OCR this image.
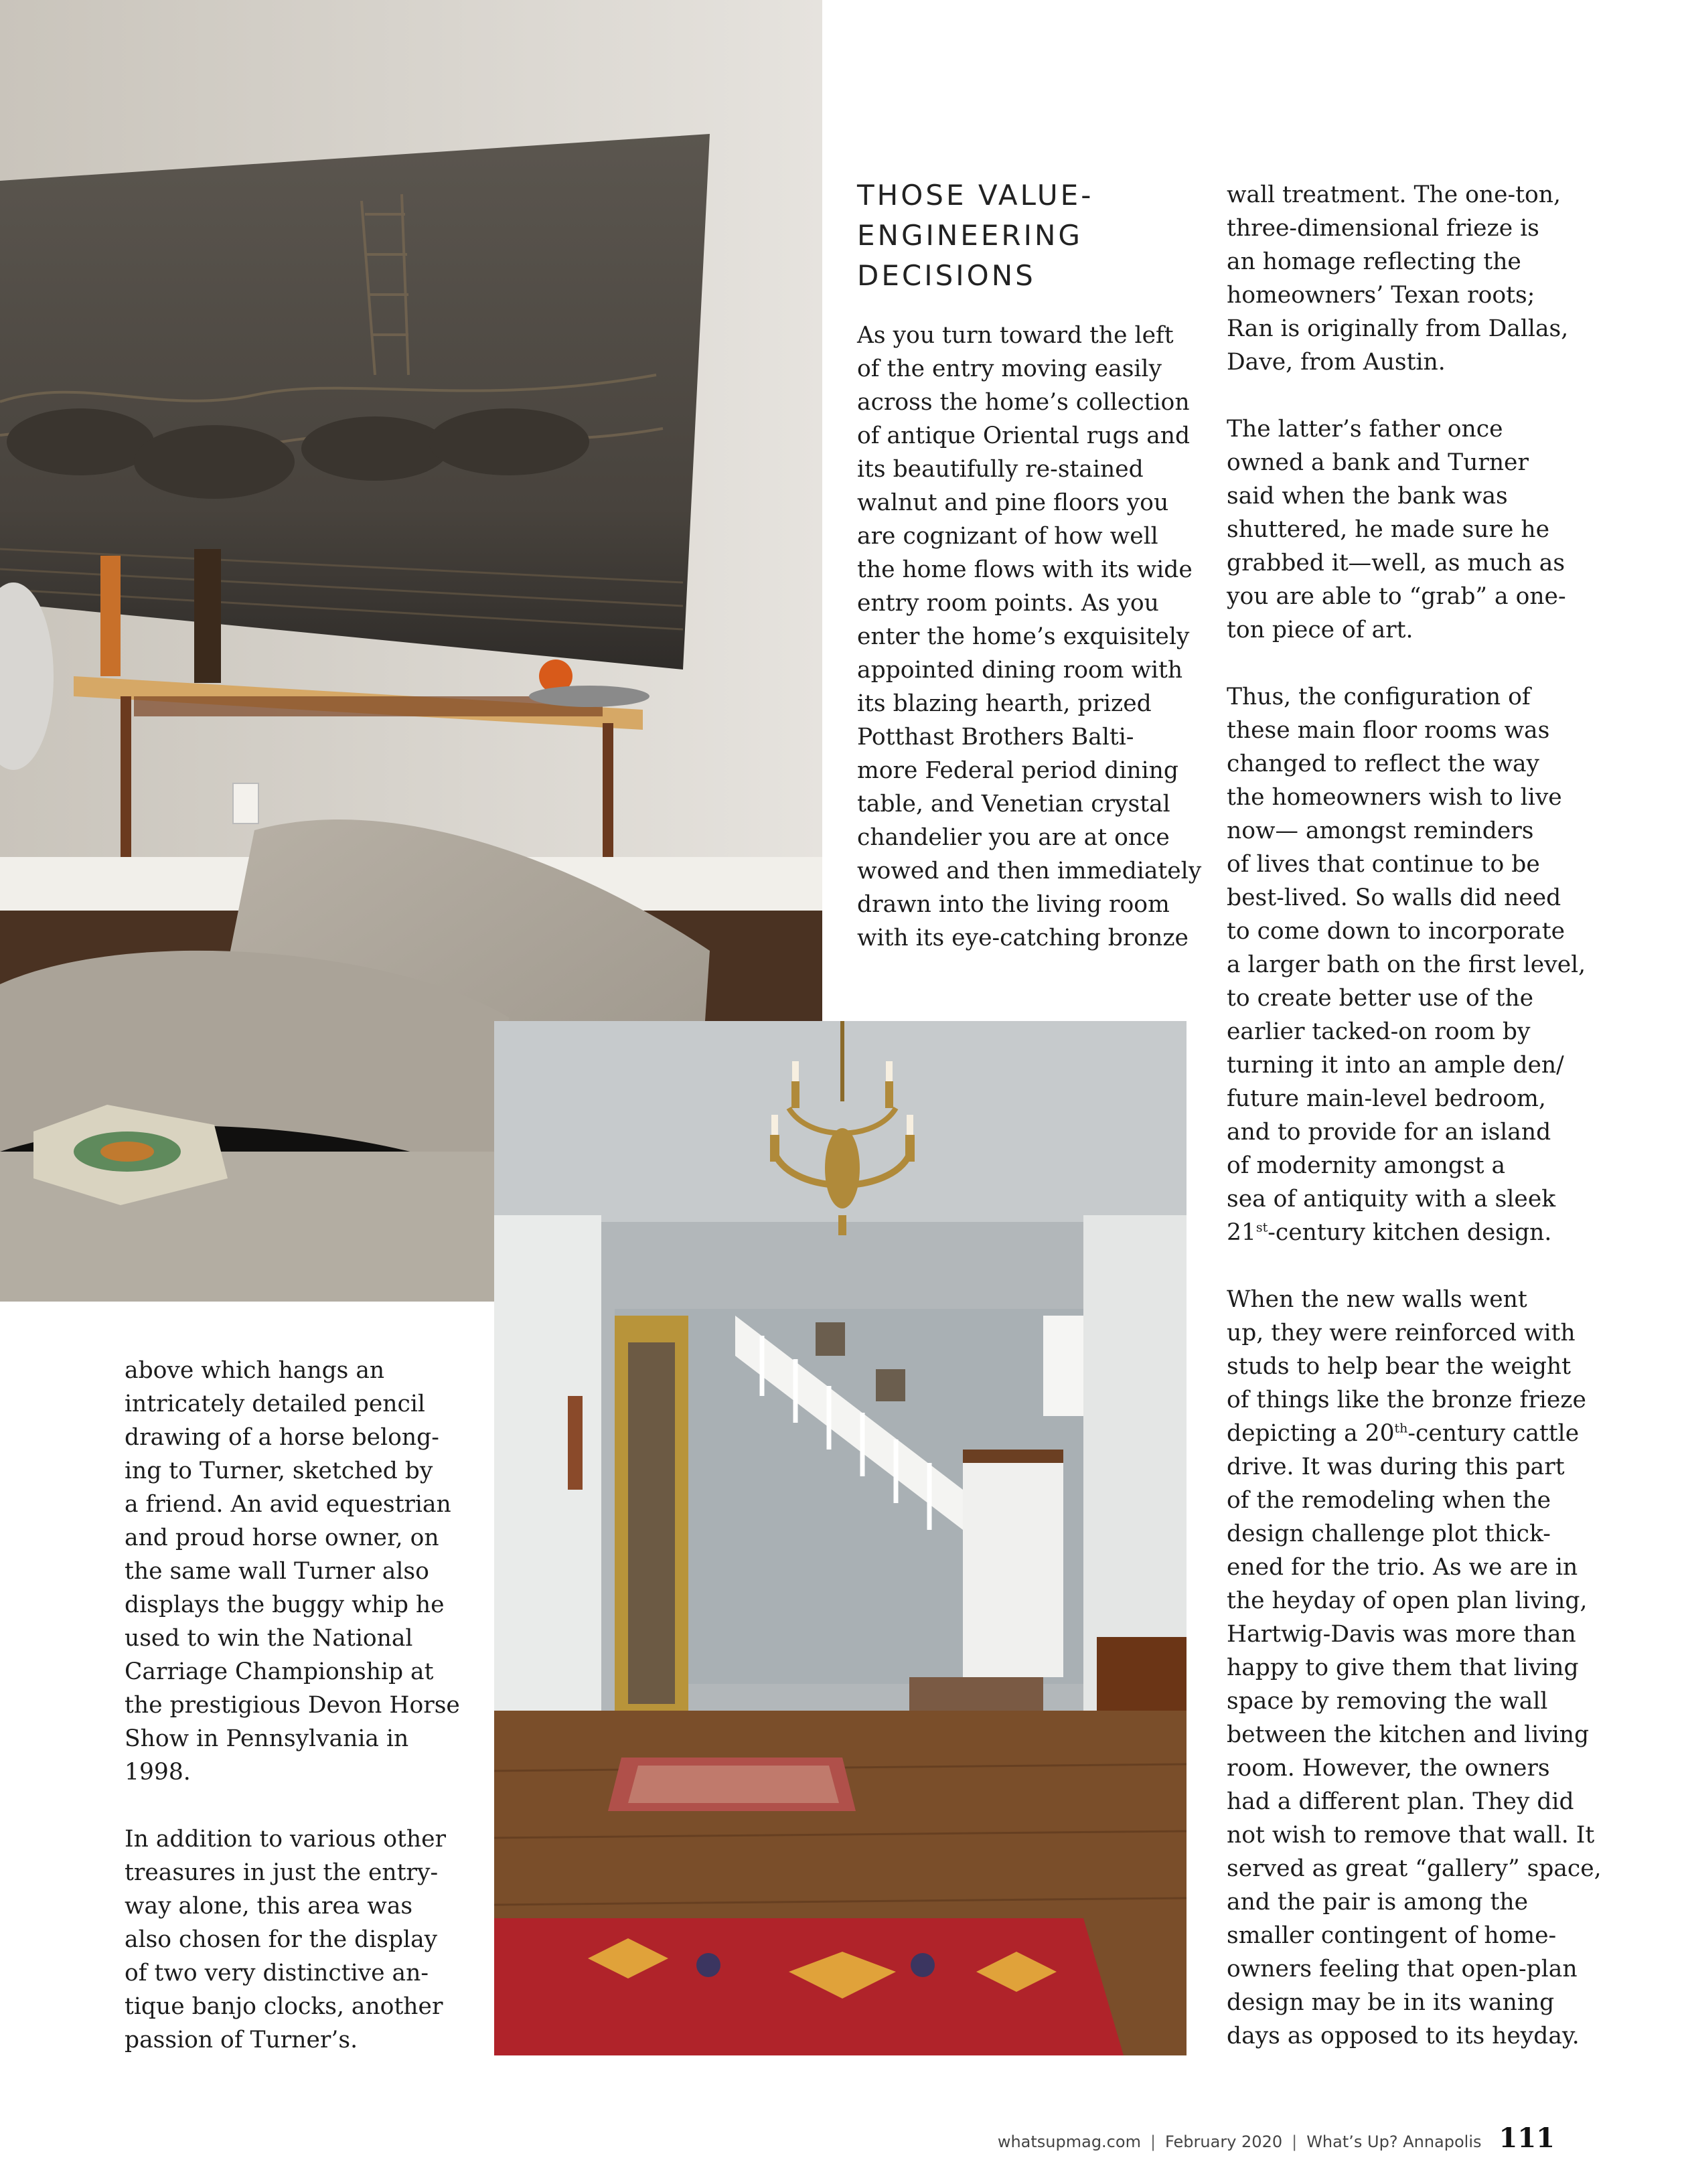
THOSE VALUE-
ENGINEERING
DECISIONS

As you turn toward the left
of the entry moving easily
across the home’s collection
of antique Oriental rugs and
its beautifully re-stained
walnut and pine floors you
are cognizant of how well
the home flows with its wide
entry room points. As you
enter the home’s exquisitely
appointed dining room with
its blazing hearth, prized
Potthast Brothers Balti-
more Federal period dining
table, and Venetian crystal
chandelier you are at once
wowed and then immediately
drawn into the living room
with its eye-catching bronze

wall treatment. The one-ton,
three-dimensional frieze is
an homage reflecting the
homeowners’ Texan roots;
Ran is originally from Dallas,
Dave, from Austin.

The latter’s father once
owned a bank and Turner
said when the bank was
shuttered, he made sure he
grabbed it—well, as much as
you are able to “grab” a one-
ton piece of art.

Thus, the configuration of
these main floor rooms was
changed to reflect the way
the homeowners wish to live
now— amongst reminders
of lives that continue to be
best-lived. So walls did need
to come down to incorporate
a larger bath on the first level,
to create better use of the
earlier tacked-on room by
turning it into an ample den/
future main-level bedroom,
and to provide for an island
of modernity amongst a
sea of antiquity with a sleek
21st-century kitchen design.

When the new walls went
up, they were reinforced with
studs to help bear the weight
of things like the bronze frieze
depicting a 20th-century cattle
drive. It was during this part
of the remodeling when the
design challenge plot thick-
ened for the trio. As we are in
the heyday of open plan living,
Hartwig-Davis was more than
happy to give them that living
space by removing the wall
between the kitchen and living
room. However, the owners
had a different plan. They did
not wish to remove that wall. It
served as great “gallery” space,
and the pair is among the
smaller contingent of home-
owners feeling that open-plan
design may be in its waning
days as opposed to its heyday.

above which hangs an
intricately detailed pencil
drawing of a horse belong-
ing to Turner, sketched by
a friend. An avid equestrian
and proud horse owner, on
the same wall Turner also
displays the buggy whip he
used to win the National
Carriage Championship at
the prestigious Devon Horse
Show in Pennsylvania in
1998.

In addition to various other
treasures in just the entry-
way alone, this area was
also chosen for the display
of two very distinctive an-
tique banjo clocks, another
passion of Turner’s.

whatsupmag.com | February 2020 | What’s Up? Annapolis 111
